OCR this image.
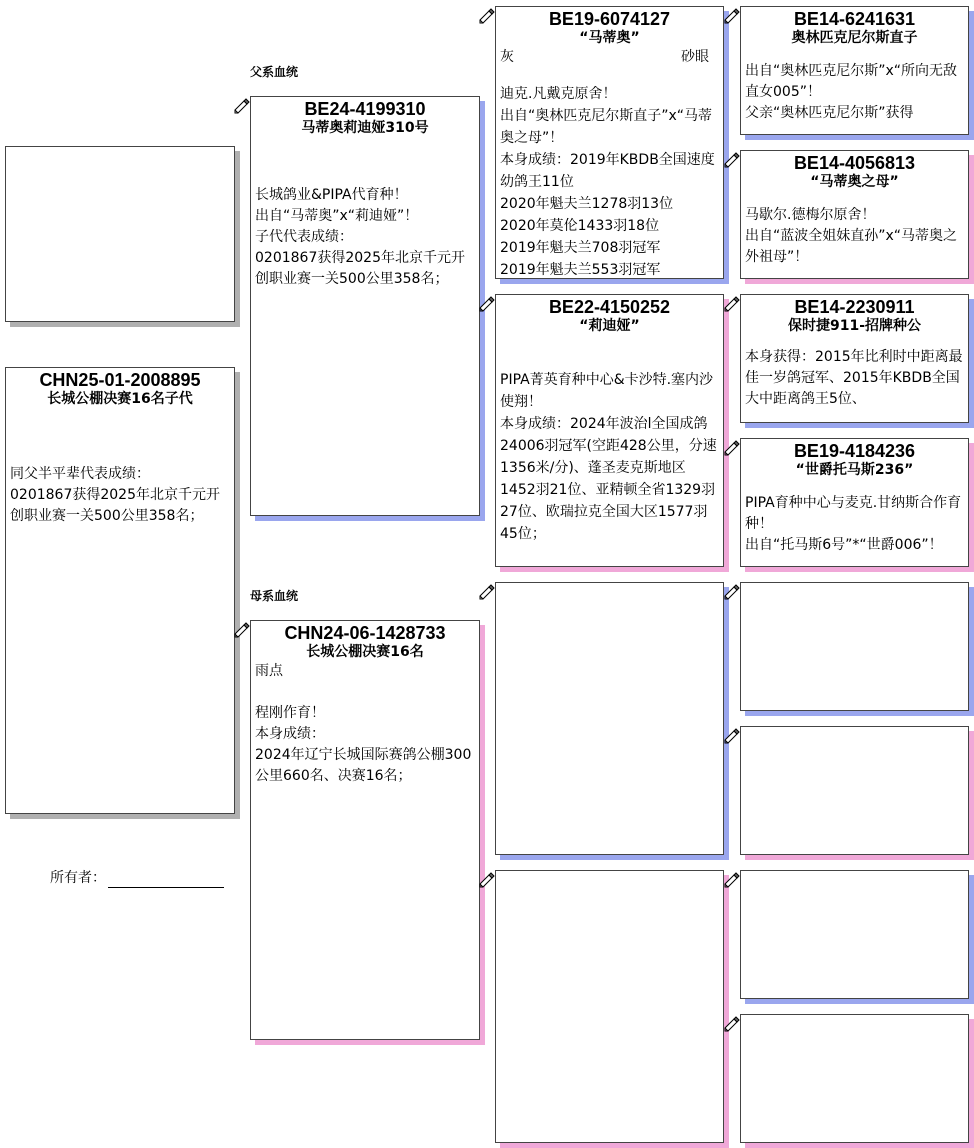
父系血统
母系血统
CHN25-01-2008895
长城公棚决赛16名子代
同父半平辈代表成绩：
0201867获得2025年北京千元开创职业赛一关500公里358名；
所有者：
BE24-4199310
马蒂奥莉迪娅310号
长城鸽业&PIPA代育种！
出自“马蒂奥”x“莉迪娅”！
子代代表成绩：
0201867获得2025年北京千元开创职业赛一关500公里358名；
CHN24-06-1428733
长城公棚决赛16名
雨点

程刚作育！
本身成绩：
2024年辽宁长城国际赛鸽公棚300公里660名、决赛16名；
BE19-6074127
“马蒂奥”
灰	砂眼
迪克.凡戴克原舍！
出自“奥林匹克尼尔斯直子”x“马蒂奥之母”！
本身成绩：2019年KBDB全国速度幼鸽王11位
2020年魁夫兰1278羽13位
2020年莫伦1433羽18位
2019年魁夫兰708羽冠军
2019年魁夫兰553羽冠军
BE22-4150252
“莉迪娅”
PIPA菁英育种中心&卡沙特.塞内沙使翔！
本身成绩：2024年波治l全国成鸽24006羽冠军(空距428公里，分速1356米/分)、蓬圣麦克斯地区1452羽21位、亚精顿全省1329羽27位、欧瑞拉克全国大区1577羽45位；
BE14-6241631
奥林匹克尼尔斯直子
出自“奥林匹克尼尔斯”x“所向无敌直女005”！
父亲“奥林匹克尼尔斯”获得
BE14-4056813
“马蒂奥之母”
马歇尔.德梅尔原舍！
出自“蓝波全姐妹直孙”x“马蒂奥之外祖母”！
BE14-2230911
保时捷911-招牌种公
本身获得：2015年比利时中距离最佳一岁鸽冠军、2015年KBDB全国大中距离鸽王5位、
BE19-4184236
“世爵托马斯236”
PIPA育种中心与麦克.甘纳斯合作育种！
出自“托马斯6号”*“世爵006”！
